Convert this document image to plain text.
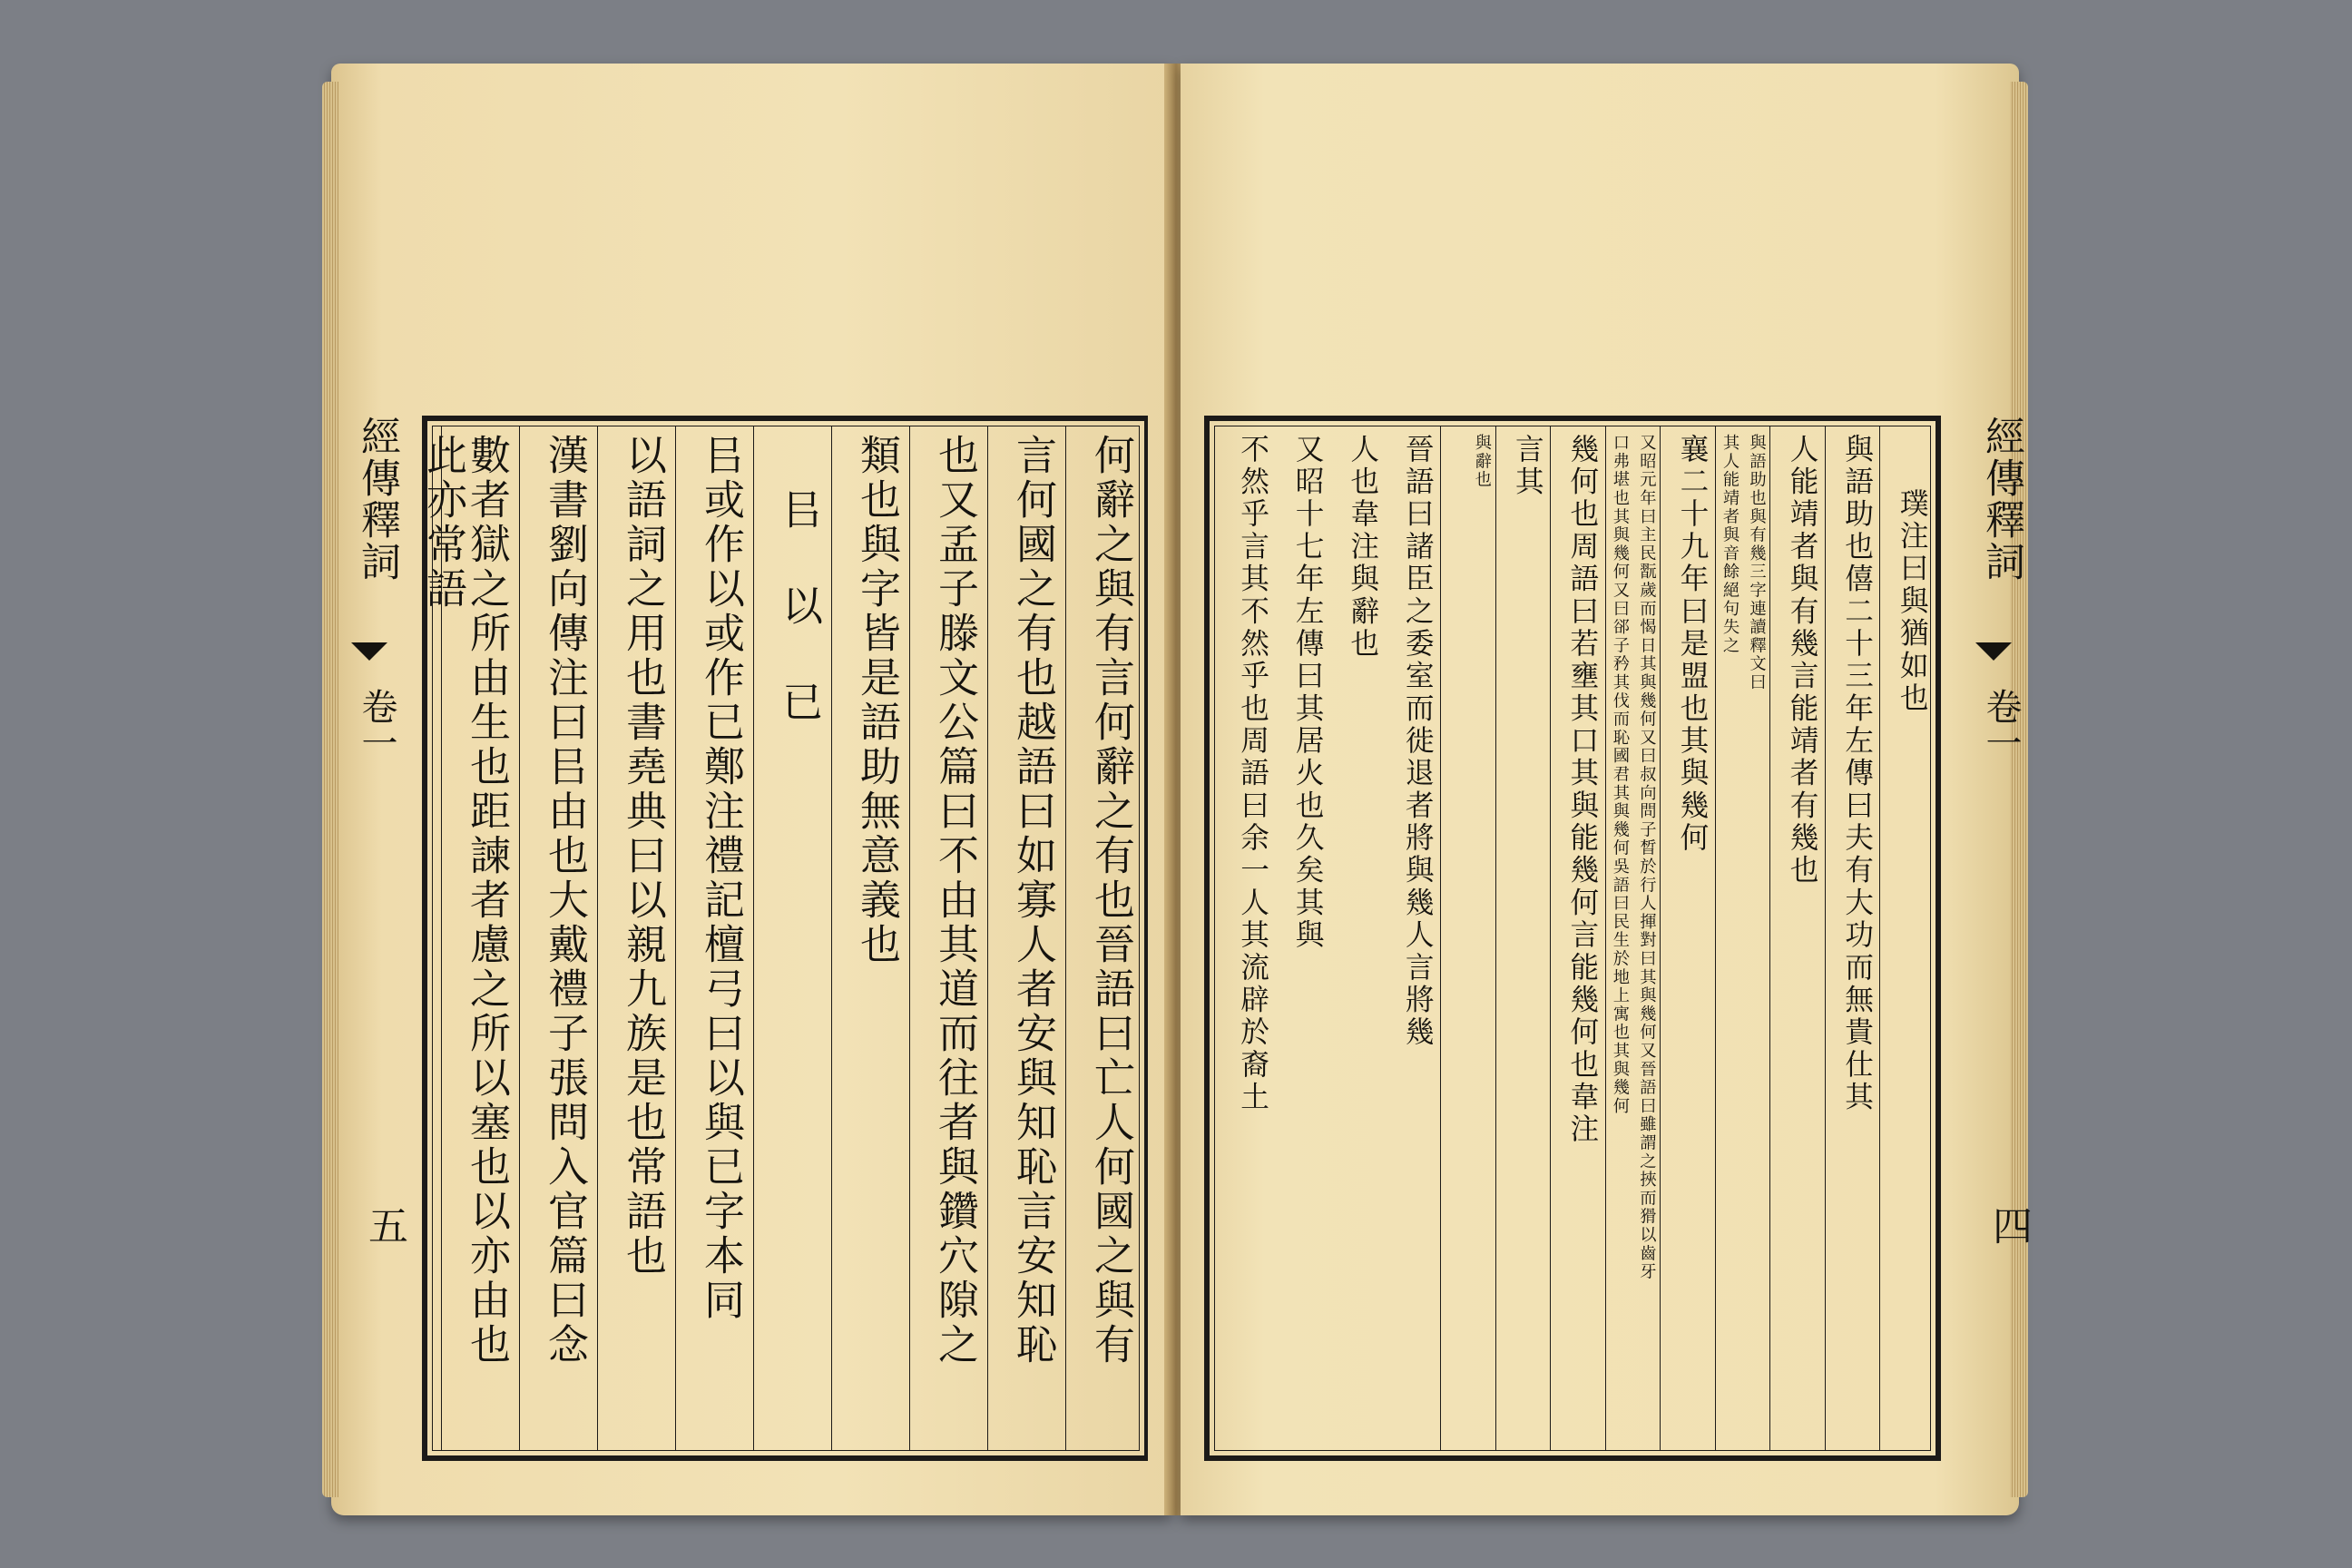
經傳釋詞
卷一
五	何辭之與有言何辭之有也晉語曰亡人何國之與有
言何國之有也越語曰如寡人者安與知恥言安知恥
也又孟子滕文公篇曰不由其道而往者與鑽穴隙之
類也與字皆是語助無意義也
㠯 以 已
㠯或作以或作已鄭注禮記檀弓曰以與已字本同
以語詞之用也書堯典曰以親九族是也常語也
漢書劉向傳注曰㠯由也大戴禮子張問入官篇曰念
數者獄之所由生也距諫者慮之所以塞也以亦由也
此亦常語	璞注曰與猶如也
與語助也僖二十三年左傳曰夫有大功而無貴仕其
人能靖者與有幾言能靖者有幾也
與語助也與有幾三字連讀釋文曰
其人能靖者與音餘絕句失之
襄二十九年曰是盟也其與幾何
又昭元年曰主民翫歲而愒日其與幾何又曰叔向問子晳於行人揮對曰其與幾何又晉語曰雖謂之挾而猾以齒牙
口弗堪也其與幾何又曰郤子矜其伐而恥國君其與幾何吳語曰民生於地上寓也其與幾何
幾何也周語曰若壅其口其與能幾何言能幾何也韋注
言其
與辭也
晉語曰諸臣之委室而徙退者將與幾人言將幾
人也韋注與辭也
又昭十七年左傳曰其居火也久矣其與
不然乎言其不然乎也周語曰余一人其流辟於裔土	經傳釋詞
卷一
四
